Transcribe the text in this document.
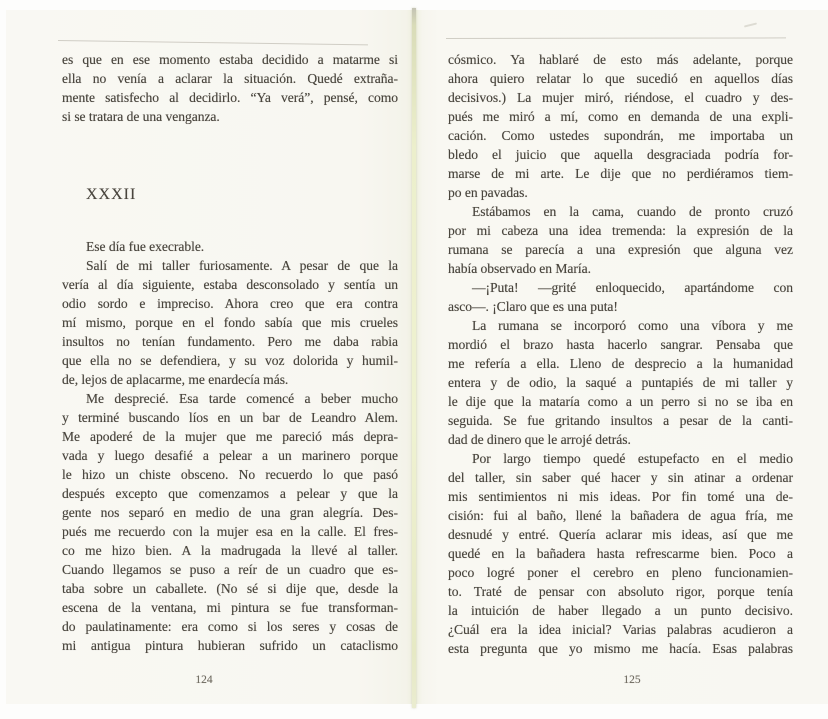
es que en ese momento estaba decidido a matarme si
ella no venía a aclarar la situación. Quedé extraña-
mente satisfecho al decidirlo. “Ya verá”, pensé, como
si se tratara de una venganza.
XXXII
Ese día fue execrable.
Salí de mi taller furiosamente. A pesar de que la
vería al día siguiente, estaba desconsolado y sentía un
odio sordo e impreciso. Ahora creo que era contra
mí mismo, porque en el fondo sabía que mis crueles
insultos no tenían fundamento. Pero me daba rabia
que ella no se defendiera, y su voz dolorida y humil-
de, lejos de aplacarme, me enardecía más.
Me desprecié. Esa tarde comencé a beber mucho
y terminé buscando líos en un bar de Leandro Alem.
Me apoderé de la mujer que me pareció más depra-
vada y luego desafié a pelear a un marinero porque
le hizo un chiste obsceno. No recuerdo lo que pasó
después excepto que comenzamos a pelear y que la
gente nos separó en medio de una gran alegría. Des-
pués me recuerdo con la mujer esa en la calle. El fres-
co me hizo bien. A la madrugada la llevé al taller.
Cuando llegamos se puso a reír de un cuadro que es-
taba sobre un caballete. (No sé si dije que, desde la
escena de la ventana, mi pintura se fue transforman-
do paulatinamente: era como si los seres y cosas de
mi antigua pintura hubieran sufrido un cataclismo
124
cósmico. Ya hablaré de esto más adelante, porque
ahora quiero relatar lo que sucedió en aquellos días
decisivos.) La mujer miró, riéndose, el cuadro y des-
pués me miró a mí, como en demanda de una expli-
cación. Como ustedes supondrán, me importaba un
bledo el juicio que aquella desgraciada podría for-
marse de mi arte. Le dije que no perdiéramos tiem-
po en pavadas.
Estábamos en la cama, cuando de pronto cruzó
por mi cabeza una idea tremenda: la expresión de la
rumana se parecía a una expresión que alguna vez
había observado en María.
—¡Puta! —grité enloquecido, apartándome con
asco—. ¡Claro que es una puta!
La rumana se incorporó como una víbora y me
mordió el brazo hasta hacerlo sangrar. Pensaba que
me refería a ella. Lleno de desprecio a la humanidad
entera y de odio, la saqué a puntapiés de mi taller y
le dije que la mataría como a un perro si no se iba en
seguida. Se fue gritando insultos a pesar de la canti-
dad de dinero que le arrojé detrás.
Por largo tiempo quedé estupefacto en el medio
del taller, sin saber qué hacer y sin atinar a ordenar
mis sentimientos ni mis ideas. Por fin tomé una de-
cisión: fui al baño, llené la bañadera de agua fría, me
desnudé y entré. Quería aclarar mis ideas, así que me
quedé en la bañadera hasta refrescarme bien. Poco a
poco logré poner el cerebro en pleno funcionamien-
to. Traté de pensar con absoluto rigor, porque tenía
la intuición de haber llegado a un punto decisivo.
¿Cuál era la idea inicial? Varias palabras acudieron a
esta pregunta que yo mismo me hacía. Esas palabras
125
